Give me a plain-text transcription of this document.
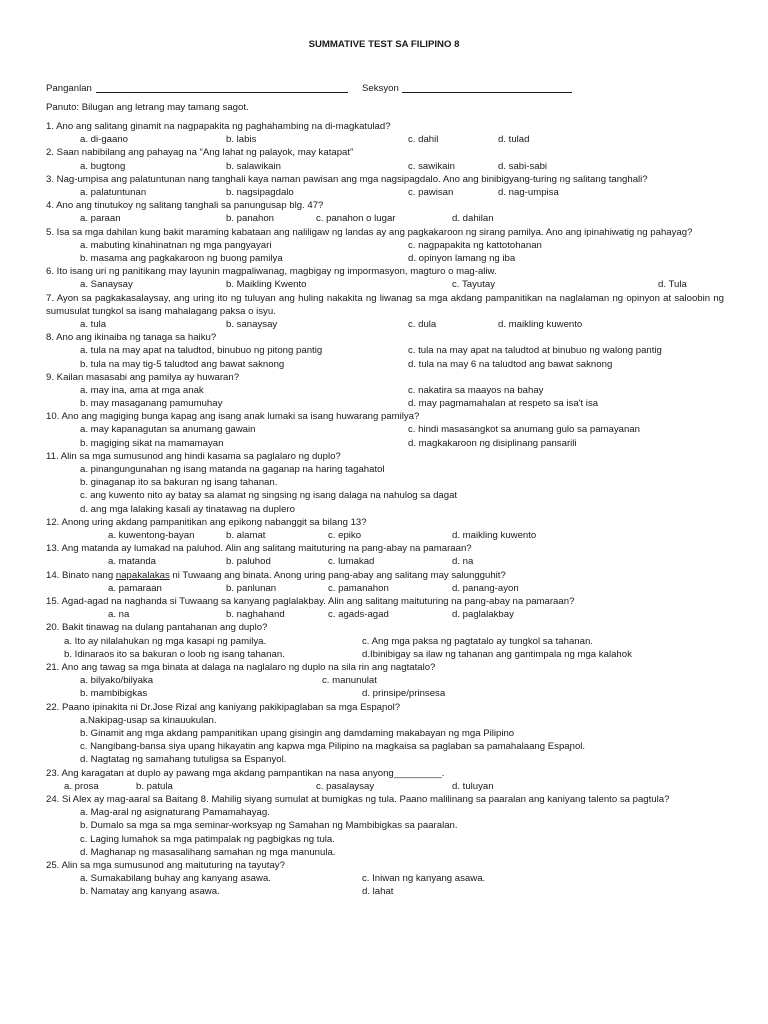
SUMMATIVE TEST SA FILIPINO 8
Panganlan	Seksyon
Panuto: Bilugan ang letrang may tamang sagot.
1. Ano ang salitang ginamit na nagpapakita ng paghahambing na di-magkatulad?
a. di-gaano	b. labis	c. dahil	d. tulad
2. Saan nabibilang ang pahayag na “Ang lahat ng palayok, may katapat”
a. bugtong	b. salawikain	c. sawikain	d. sabi-sabi
3. Nag-umpisa ang palatuntunan nang tanghali kaya naman pawisan ang mga nagsipagdalo. Ano ang binibigyang-turing ng salitang tanghali?
a. palatuntunan	b. nagsipagdalo	c. pawisan	d. nag-umpisa
4. Ano ang tinutukoy ng salitang tanghali sa panungusap blg. 47?
a. paraan	b. panahon	c. panahon o lugar	d. dahilan
5. Isa sa mga dahilan kung bakit maraming kabataan ang naliligaw ng landas ay ang pagkakaroon ng sirang pamilya. Ano ang ipinahiwatig ng pahayag?
a. mabuting kinahinatnan ng mga pangyayari	c. nagpapakita ng kattotohanan
b. masama ang pagkakaroon ng buong pamilya	d. opinyon lamang ng iba
6. Ito isang uri ng panitikang may layunin magpaliwanag, magbigay ng impormasyon, magturo o mag-aliw.
a. Sanaysay	b. Maikling Kwento	c. Tayutay	d. Tula
7. Ayon sa pagkakasalaysay, ang uring ito ng tuluyan ang huling nakakita ng liwanag sa mga akdang pampanitikan na naglalaman ng opinyon at saloobin ng sumusulat tungkol sa isang mahalagang paksa o isyu.
a. tula	b. sanaysay	c. dula	d. maikling kuwento
8. Ano ang ikinaiba ng tanaga sa haiku?
a. tula na may apat na taludtod, binubuo ng pitong pantig	c. tula na may apat na taludtod at binubuo ng walong pantig
b. tula na may tig-5 taludtod ang bawat saknong	d. tula na may 6 na taludtod ang bawat saknong
9. Kailan masasabi ang pamilya ay huwaran?
a. may ina, ama at mga anak	c. nakatira sa maayos na bahay
b. may masaganang pamumuhay	d. may pagmamahalan at respeto sa isa't isa
10. Ano ang magiging bunga kapag ang isang anak lumaki sa isang huwarang pamilya?
a. may kapanagutan sa anumang gawain	c. hindi masasangkot sa anumang gulo sa pamayanan
b. magiging sikat na mamamayan	d. magkakaroon ng disiplinang pansarili
11. Alin sa mga sumusunod ang hindi kasama sa paglalaro ng duplo?
a. pinangungunahan ng isang matanda na gaganap na haring tagahatol
b. ginaganap ito sa bakuran ng isang tahanan.
c. ang kuwento nito ay batay sa alamat ng singsing ng isang dalaga na nahulog sa dagat
d. ang mga lalaking kasali ay tinatawag na duplero
12. Anong uring akdang pampanitikan ang epikong nabanggit sa bilang 13?
a. kuwentong-bayan	b. alamat	c. epiko	d. maikling kuwento
13. Ang matanda ay lumakad na paluhod. Alin ang salitang maituturing na pang-abay na pamaraan?
a. matanda	b. paluhod	c. lumakad	d. na
14. Binato nang napakalakas ni Tuwaang ang binata. Anong uring pang-abay ang salitang may salungguhit?
a. pamaraan	b. panlunan	c. pamanahon	d. panang-ayon
15. Agad-agad na naghanda si Tuwaang sa kanyang paglalakbay. Alin ang salitang maituturing na pang-abay na pamaraan?
a. na	b. naghahand	c. agads-agad	d. paglalakbay
20. Bakit tinawag na dulang pantahanan ang duplo?
a. Ito ay nilalahukan ng mga kasapi ng pamilya.	c. Ang mga paksa ng pagtatalo ay tungkol sa tahanan.
b. Idinaraos ito sa bakuran o loob ng isang tahanan.	d.Ibinibigay sa ilaw ng tahanan ang gantimpala ng mga kalahok
21. Ano ang tawag sa mga binata at dalaga na naglalaro ng duplo na sila rin ang nagtatalo?
a. bilyako/bilyaka	c. manunulat
b. mambibigkas	d. prinsipe/prinsesa
22. Paano ipinakita ni Dr.Jose Rizal ang kaniyang pakikipaglaban sa mga Espaɲol?
a.Nakipag-usap sa kinauukulan.
b. Ginamit ang mga akdang pampanitikan upang gisingin ang damdaming makabayan ng mga Pilipino
c. Nangibang-bansa siya upang hikayatin ang kapwa mga Pilipino na magkaisa sa paglaban sa pamahalaang Espaɲol.
d. Nagtatag ng samahang tutuligsa sa Espanyol.
23. Ang karagatan at duplo ay pawang mga akdang pampantikan na nasa anyong_________.
a. prosa	b. patula	c. pasalaysay	d. tuluyan
24. Si Alex ay mag-aaral sa Baitang 8. Mahilig siyang sumulat at bumigkas ng tula. Paano malilinang sa paaralan ang kaniyang talento sa pagtula?
a. Mag-aral ng asignaturang Pamamahayag.
b. Dumalo sa mga sa mga seminar-worksyap ng Samahan ng Mambibigkas sa paaralan.
c. Laging lumahok sa mga patimpalak ng pagbigkas ng tula.
d. Maghanap ng masasalihang samahan ng mga manunula.
25. Alin sa mga sumusunod ang maituturing na tayutay?
a. Sumakabilang buhay ang kanyang asawa.	c. Iniwan ng kanyang asawa.
b. Namatay ang kanyang asawa.	d. lahat
